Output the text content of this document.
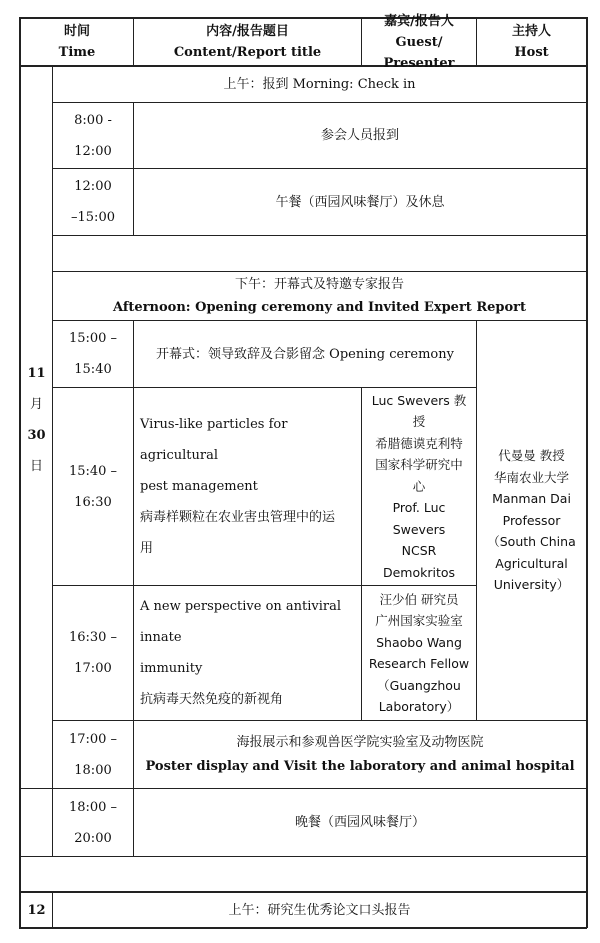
时间
Time
内容/报告题目
Content/Report title
嘉宾/报告人
Guest/ Presenter
主持人
Host
11
月
30
日
上午：报到 Morning: Check in
8:00 -
12:00
参会人员报到
12:00
–15:00
午餐（西园风味餐厅）及休息
下午：开幕式及特邀专家报告
Afternoon: Opening ceremony and Invited Expert Report
15:00 –
15:40
开幕式：领导致辞及合影留念 Opening ceremony
15:40 –
16:30
Virus-like particles for agricultural
pest management
病毒样颗粒在农业害虫管理中的运
用
Luc Swevers 教
授
希腊德谟克利特
国家科学研究中
心
Prof. Luc
Swevers
NCSR
Demokritos
代曼曼 教授
华南农业大学
Manman Dai
Professor
（South China
Agricultural
University）
16:30 –
17:00
A new perspective on antiviral innate
immunity
抗病毒天然免疫的新视角
汪少伯 研究员
广州国家实验室
Shaobo Wang
Research Fellow
（Guangzhou
Laboratory）
17:00 –
18:00
海报展示和参观兽医学院实验室及动物医院
Poster display and Visit the laboratory and animal hospital
18:00 –
20:00
晚餐（西园风味餐厅）
12	上午：研究生优秀论文口头报告
